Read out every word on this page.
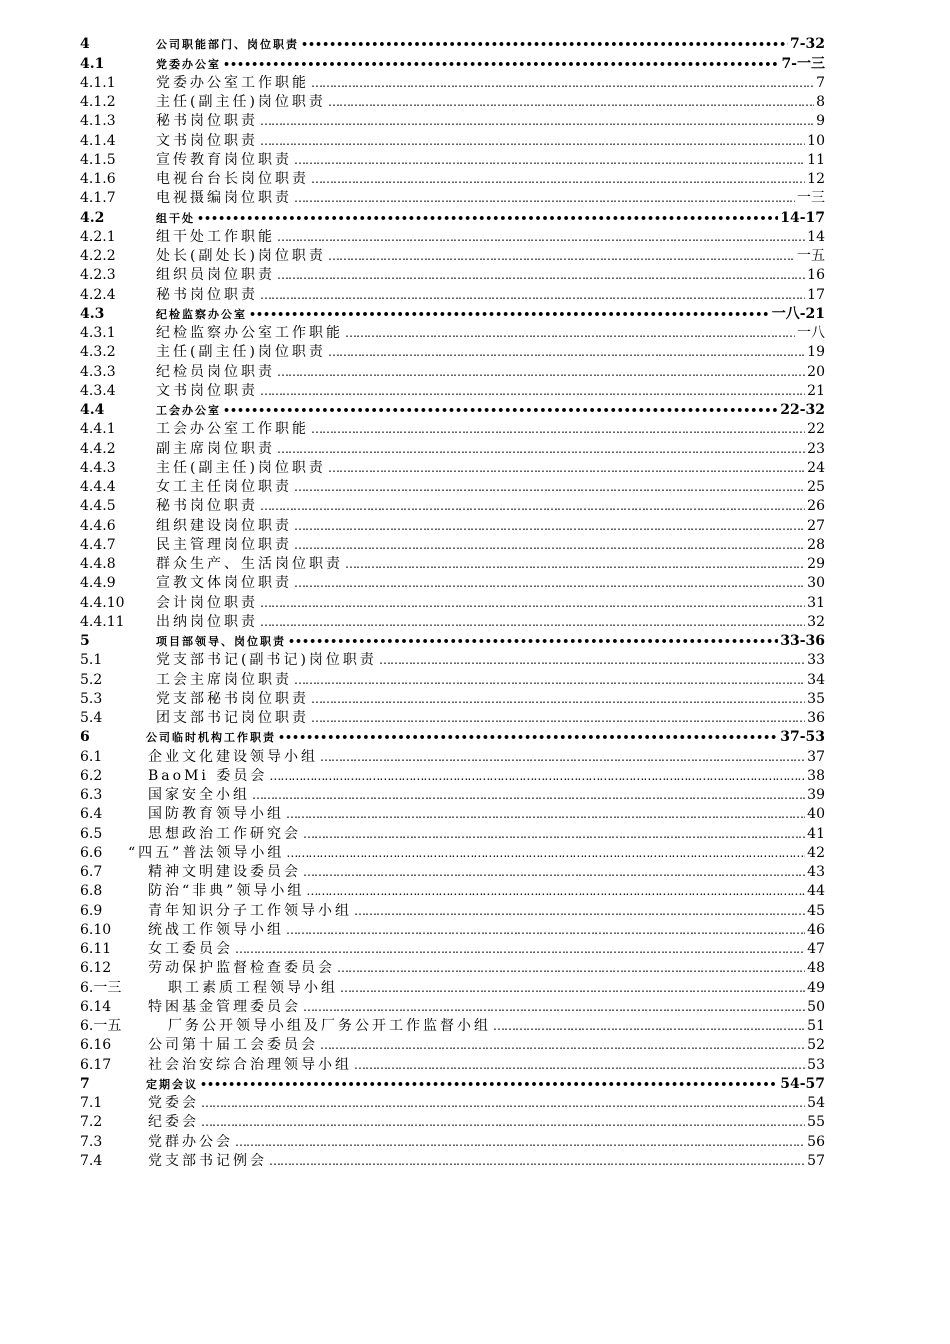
4	公司职能部门、岗位职责 •••••	7-32
4.1	党委办公室 •••••	7-一三
4.1.1	党委办公室工作职能 ……………………………………………………………………………………………………………………………………………………………………………………	7
4.1.2	主任(副主任)岗位职责 ……………………………………………………………………………………………………………………………………………………………………………………	8
4.1.3	秘书岗位职责 ……………………………………………………………………………………………………………………………………………………………………………………	9
4.1.4	文书岗位职责 ……………………………………………………………………………………………………………………………………………………………………………………	10
4.1.5	宣传教育岗位职责 ……………………………………………………………………………………………………………………………………………………………………………………	11
4.1.6	电视台台长岗位职责 ……………………………………………………………………………………………………………………………………………………………………………………	12
4.1.7	电视摄编岗位职责 ……………………………………………………………………………………………………………………………………………………………………………………	一三
4.2	组干处 •••••	14-17
4.2.1	组干处工作职能 ……………………………………………………………………………………………………………………………………………………………………………………	14
4.2.2	处长(副处长)岗位职责 ……………………………………………………………………………………………………………………………………………………………………………………	一五
4.2.3	组织员岗位职责 ……………………………………………………………………………………………………………………………………………………………………………………	16
4.2.4	秘书岗位职责 ……………………………………………………………………………………………………………………………………………………………………………………	17
4.3	纪检监察办公室 •••••	一八-21
4.3.1	纪检监察办公室工作职能 ……………………………………………………………………………………………………………………………………………………………………………………	一八
4.3.2	主任(副主任)岗位职责 ……………………………………………………………………………………………………………………………………………………………………………………	19
4.3.3	纪检员岗位职责 ……………………………………………………………………………………………………………………………………………………………………………………	20
4.3.4	文书岗位职责 ……………………………………………………………………………………………………………………………………………………………………………………	21
4.4	工会办公室 •••••	22-32
4.4.1	工会办公室工作职能 ……………………………………………………………………………………………………………………………………………………………………………………	22
4.4.2	副主席岗位职责 ……………………………………………………………………………………………………………………………………………………………………………………	23
4.4.3	主任(副主任)岗位职责 ……………………………………………………………………………………………………………………………………………………………………………………	24
4.4.4	女工主任岗位职责 ……………………………………………………………………………………………………………………………………………………………………………………	25
4.4.5	秘书岗位职责 ……………………………………………………………………………………………………………………………………………………………………………………	26
4.4.6	组织建设岗位职责 ……………………………………………………………………………………………………………………………………………………………………………………	27
4.4.7	民主管理岗位职责 ……………………………………………………………………………………………………………………………………………………………………………………	28
4.4.8	群众生产、生活岗位职责 ……………………………………………………………………………………………………………………………………………………………………………………	29
4.4.9	宣教文体岗位职责 ……………………………………………………………………………………………………………………………………………………………………………………	30
4.4.10	会计岗位职责 ……………………………………………………………………………………………………………………………………………………………………………………	31
4.4.11	出纳岗位职责 ……………………………………………………………………………………………………………………………………………………………………………………	32
5	项目部领导、岗位职责 •••••	33-36
5.1	党支部书记(副书记)岗位职责 ……………………………………………………………………………………………………………………………………………………………………………………	33
5.2	工会主席岗位职责 ……………………………………………………………………………………………………………………………………………………………………………………	34
5.3	党支部秘书岗位职责 ……………………………………………………………………………………………………………………………………………………………………………………	35
5.4	团支部书记岗位职责 ……………………………………………………………………………………………………………………………………………………………………………………	36
6	公司临时机构工作职责 •••••	37-53
6.1	企业文化建设领导小组 ……………………………………………………………………………………………………………………………………………………………………………………	37
6.2	BaoMi 委员会 ……………………………………………………………………………………………………………………………………………………………………………………	38
6.3	国家安全小组 ……………………………………………………………………………………………………………………………………………………………………………………	39
6.4	国防教育领导小组 ……………………………………………………………………………………………………………………………………………………………………………………	40
6.5	思想政治工作研究会 ……………………………………………………………………………………………………………………………………………………………………………………	41
6.6	“四五”普法领导小组 ……………………………………………………………………………………………………………………………………………………………………………………	42
6.7	精神文明建设委员会 ……………………………………………………………………………………………………………………………………………………………………………………	43
6.8	防治“非典”领导小组 ……………………………………………………………………………………………………………………………………………………………………………………	44
6.9	青年知识分子工作领导小组 ……………………………………………………………………………………………………………………………………………………………………………………	45
6.10	统战工作领导小组 ……………………………………………………………………………………………………………………………………………………………………………………	46
6.11	女工委员会 ……………………………………………………………………………………………………………………………………………………………………………………	47
6.12	劳动保护监督检查委员会 ……………………………………………………………………………………………………………………………………………………………………………………	48
6.一三	职工素质工程领导小组 ……………………………………………………………………………………………………………………………………………………………………………………	49
6.14	特困基金管理委员会 ……………………………………………………………………………………………………………………………………………………………………………………	50
6.一五	厂务公开领导小组及厂务公开工作监督小组 ……………………………………………………………………………………………………………………………………………………………………………………	51
6.16	公司第十届工会委员会 ……………………………………………………………………………………………………………………………………………………………………………………	52
6.17	社会治安综合治理领导小组 ……………………………………………………………………………………………………………………………………………………………………………………	53
7	定期会议 •••••	54-57
7.1	党委会 ……………………………………………………………………………………………………………………………………………………………………………………	54
7.2	纪委会 ……………………………………………………………………………………………………………………………………………………………………………………	55
7.3	党群办公会 ……………………………………………………………………………………………………………………………………………………………………………………	56
7.4	党支部书记例会 ……………………………………………………………………………………………………………………………………………………………………………………	57
